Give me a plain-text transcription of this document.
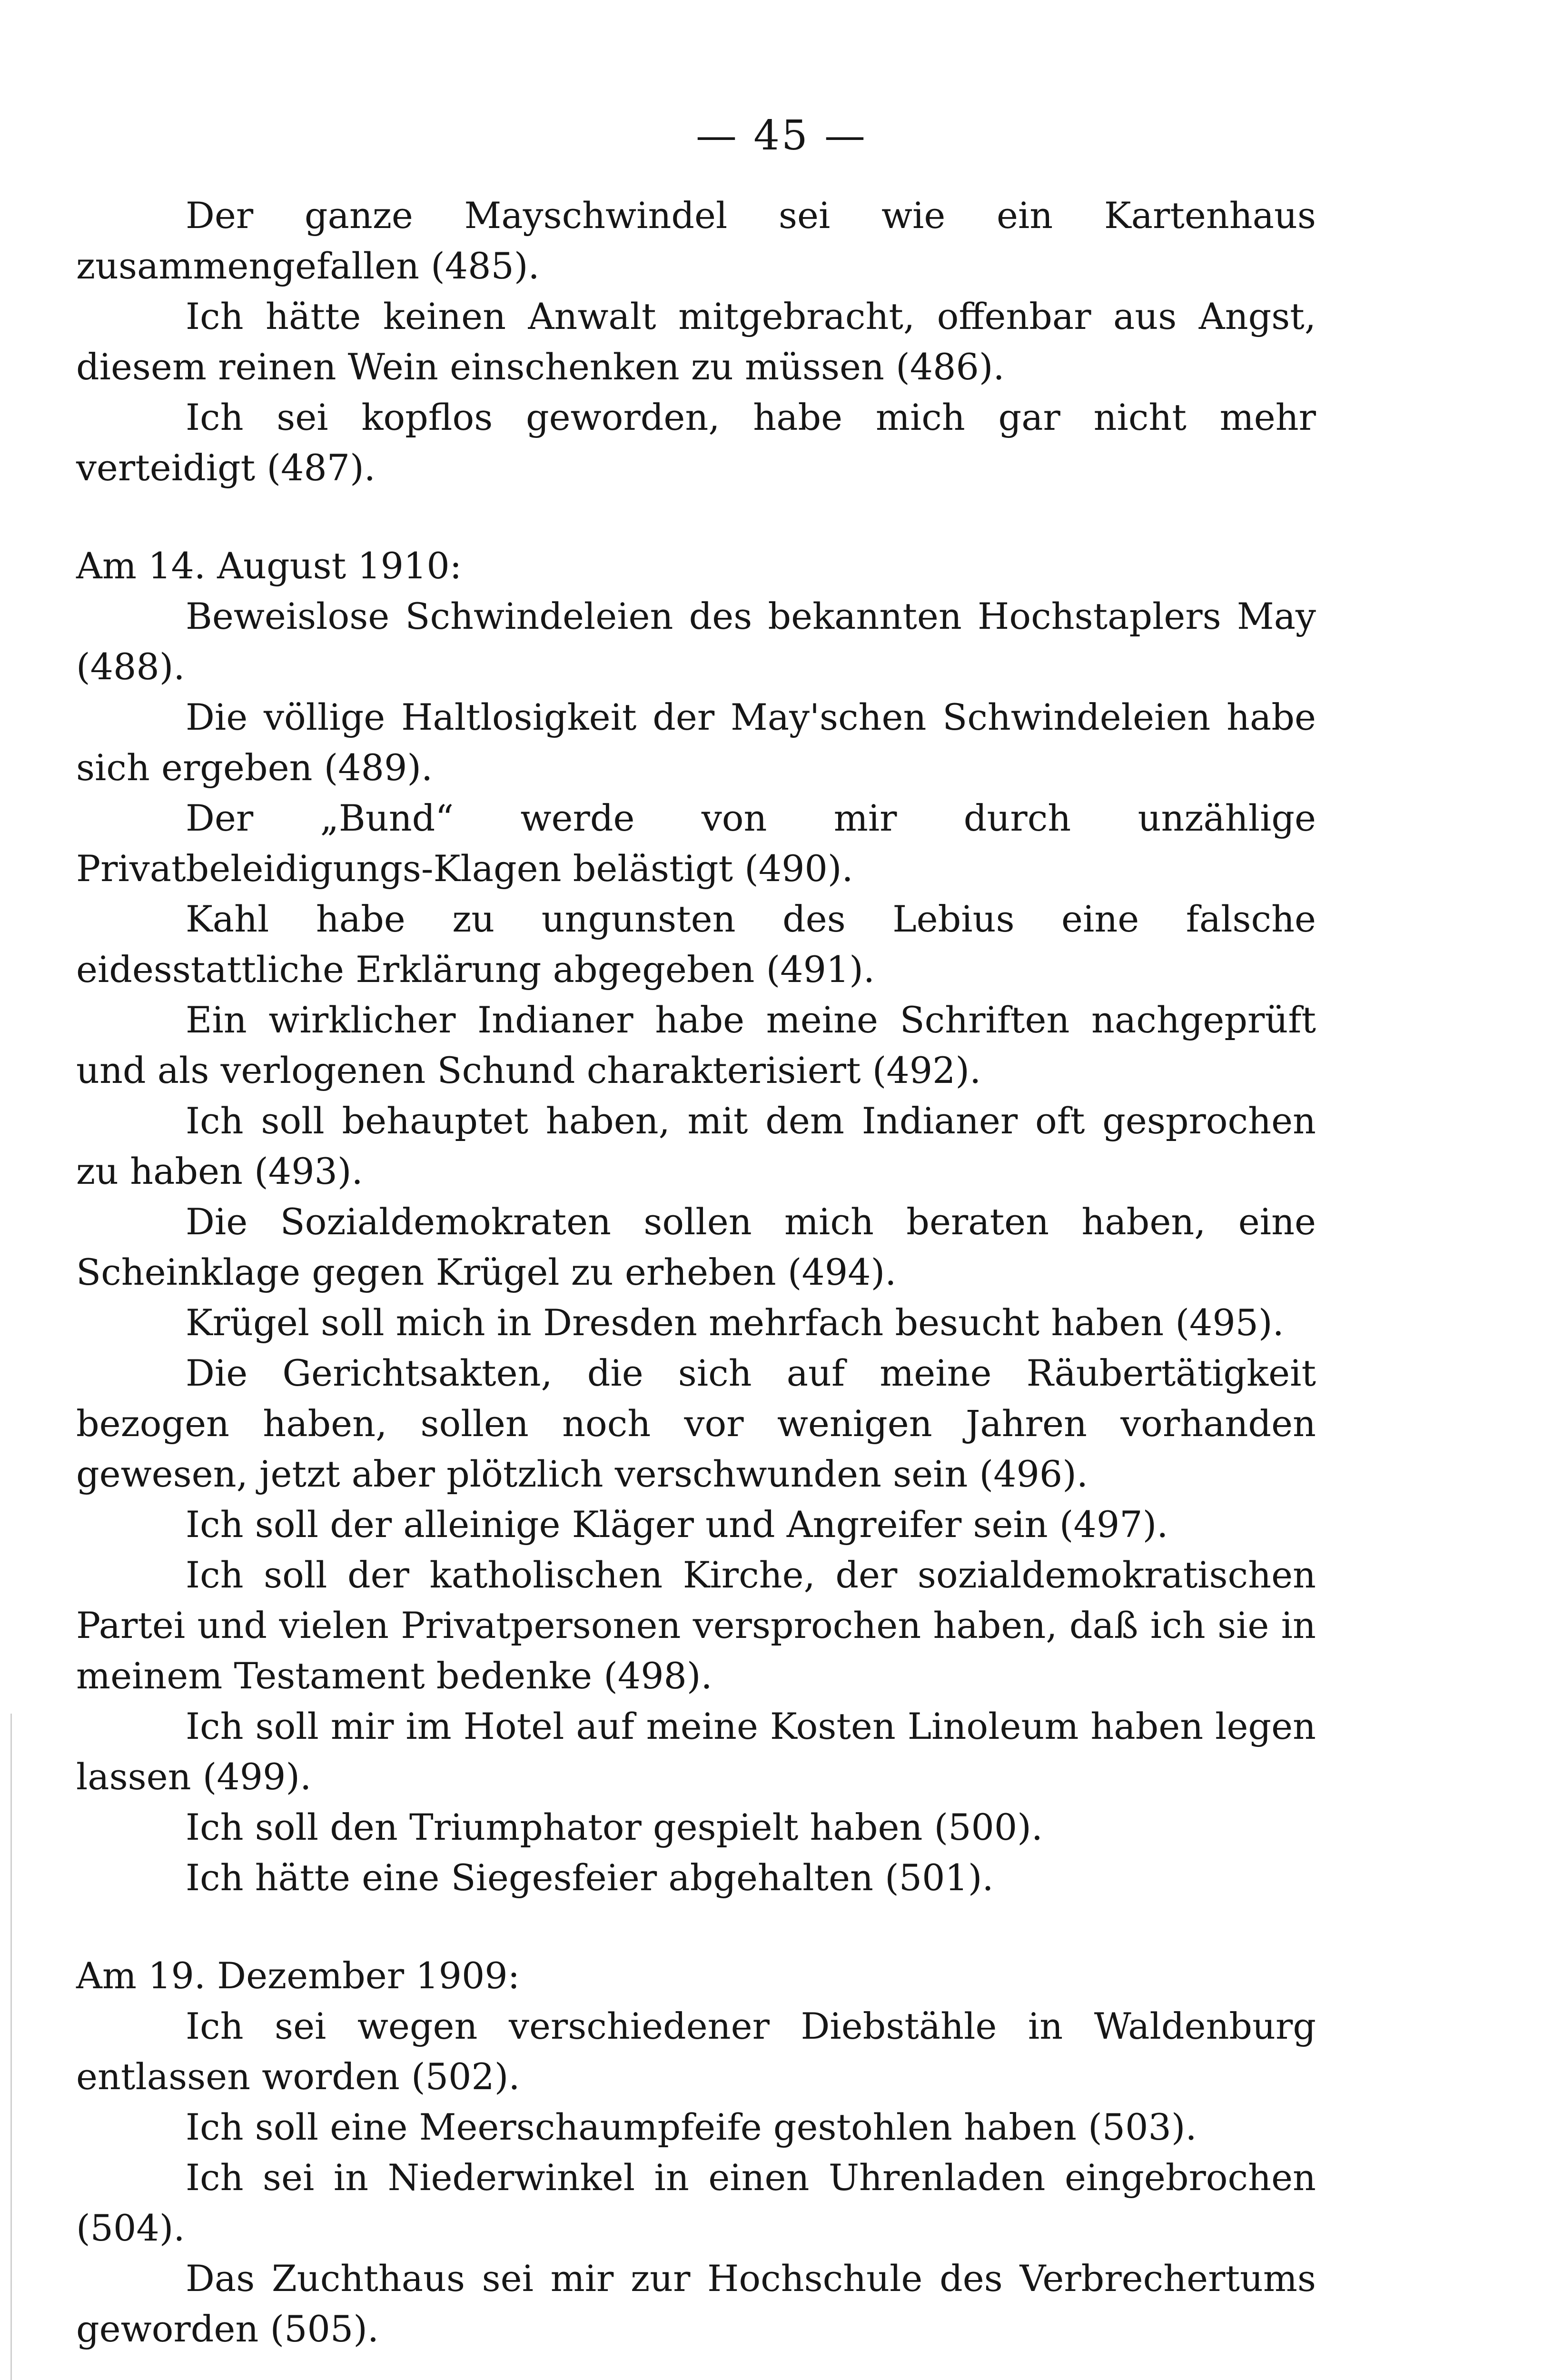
— 45 —

Der ganze Mayschwindel sei wie ein Kartenhaus zusammengefallen (485).

Ich hätte keinen Anwalt mitgebracht, offenbar aus Angst, diesem reinen Wein einschenken zu müssen (486).

Ich sei kopflos geworden, habe mich gar nicht mehr verteidigt (487).

Am 14. August 1910:

Beweislose Schwindeleien des bekannten Hochstaplers May (488).

Die völlige Haltlosigkeit der May'schen Schwindeleien habe sich ergeben (489).

Der „Bund“ werde von mir durch unzählige Privatbeleidigungs-Klagen belästigt (490).

Kahl habe zu ungunsten des Lebius eine falsche eidesstattliche Erklärung abgegeben (491).

Ein wirklicher Indianer habe meine Schriften nachgeprüft und als verlogenen Schund charakterisiert (492).

Ich soll behauptet haben, mit dem Indianer oft gesprochen zu haben (493).

Die Sozialdemokraten sollen mich beraten haben, eine Scheinklage gegen Krügel zu erheben (494).

Krügel soll mich in Dresden mehrfach besucht haben (495).

Die Gerichtsakten, die sich auf meine Räubertätigkeit bezogen haben, sollen noch vor wenigen Jahren vorhanden gewesen, jetzt aber plötzlich verschwunden sein (496).

Ich soll der alleinige Kläger und Angreifer sein (497).

Ich soll der katholischen Kirche, der sozialdemokratischen Partei und vielen Privatpersonen versprochen haben, daß ich sie in meinem Testament bedenke (498).

Ich soll mir im Hotel auf meine Kosten Linoleum haben legen lassen (499).

Ich soll den Triumphator gespielt haben (500).

Ich hätte eine Siegesfeier abgehalten (501).

Am 19. Dezember 1909:

Ich sei wegen verschiedener Diebstähle in Waldenburg entlassen worden (502).

Ich soll eine Meerschaumpfeife gestohlen haben (503).

Ich sei in Niederwinkel in einen Uhrenladen eingebrochen (504).

Das Zuchthaus sei mir zur Hochschule des Verbrechertums geworden (505).
